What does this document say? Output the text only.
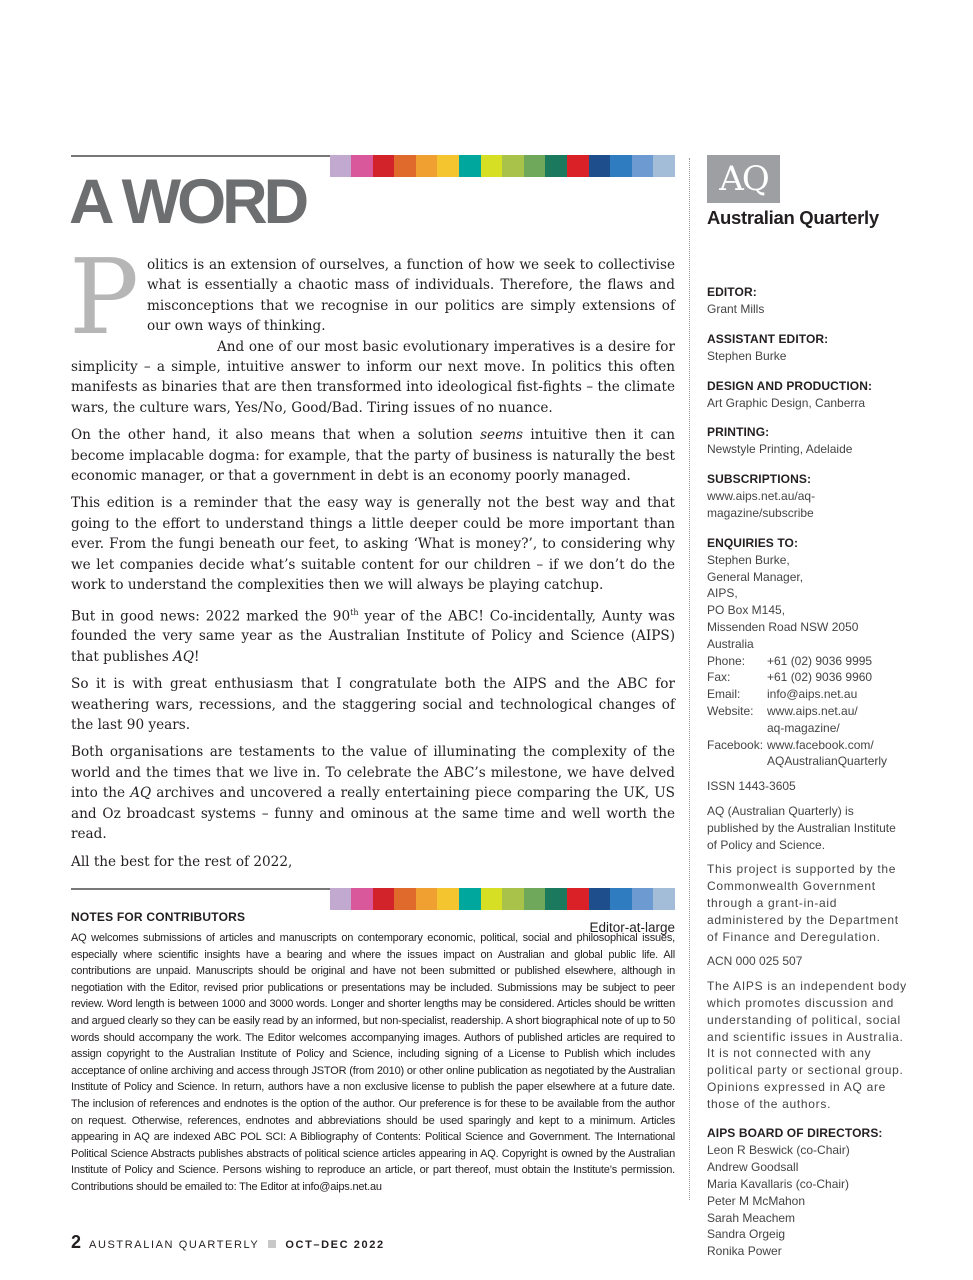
A WORD

Politics is an extension of ourselves, a function of how we seek to collectivise what is essentially a chaotic mass of individuals. Therefore, the flaws and misconceptions that we recognise in our politics are simply extensions of our own ways of thinking.

And one of our most basic evolutionary imperatives is a desire for simplicity – a simple, intuitive answer to inform our next move. In politics this often manifests as binaries that are then transformed into ideological fist-fights – the climate wars, the culture wars, Yes/No, Good/Bad. Tiring issues of no nuance.

On the other hand, it also means that when a solution seems intuitive then it can become implacable dogma: for example, that the party of business is naturally the best economic manager, or that a government in debt is an economy poorly managed.

This edition is a reminder that the easy way is generally not the best way and that going to the effort to understand things a little deeper could be more important than ever. From the fungi beneath our feet, to asking ‘What is money?’, to considering why we let companies decide what’s suitable content for our children – if we don’t do the work to understand the complexities then we will always be playing catchup.

But in good news: 2022 marked the 90th year of the ABC! Co-incidentally, Aunty was founded the very same year as the Australian Institute of Policy and Science (AIPS) that publishes AQ!

So it is with great enthusiasm that I congratulate both the AIPS and the ABC for weathering wars, recessions, and the staggering social and technological changes of the last 90 years.

Both organisations are testaments to the value of illuminating the complexity of the world and the times that we live in. To celebrate the ABC’s milestone, we have delved into the AQ archives and uncovered a really entertaining piece comparing the UK, US and Oz broadcast systems – funny and ominous at the same time and well worth the read.

All the best for the rest of 2022,

Editor-at-large
NOTES FOR CONTRIBUTORS

AQ welcomes submissions of articles and manuscripts on contemporary economic, political, social and philosophical issues, especially where scientific insights have a bearing and where the issues impact on Australian and global public life. All contributions are unpaid. Manuscripts should be original and have not been submitted or published elsewhere, although in negotiation with the Editor, revised prior publications or presentations may be included. Submissions may be subject to peer review. Word length is between 1000 and 3000 words. Longer and shorter lengths may be considered. Articles should be written and argued clearly so they can be easily read by an informed, but non-specialist, readership. A short biographical note of up to 50 words should accompany the work. The Editor welcomes accompanying images. Authors of published articles are required to assign copyright to the Australian Institute of Policy and Science, including signing of a License to Publish which includes acceptance of online archiving and access through JSTOR (from 2010) or other online publication as negotiated by the Australian Institute of Policy and Science. In return, authors have a non exclusive license to publish the paper elsewhere at a future date. The inclusion of references and endnotes is the option of the author. Our preference is for these to be available from the author on request. Otherwise, references, endnotes and abbreviations should be used sparingly and kept to a minimum. Articles appearing in AQ are indexed ABC POL SCI: A Bibliography of Contents: Political Science and Government. The International Political Science Abstracts publishes abstracts of political science articles appearing in AQ. Copyright is owned by the Australian Institute of Policy and Science. Persons wishing to reproduce an article, or part thereof, must obtain the Institute’s permission. Contributions should be emailed to: The Editor at info@aips.net.au

2 AUSTRALIAN QUARTERLY OCT–DEC 2022
AQ
Australian Quarterly
EDITOR:
Grant Mills
ASSISTANT EDITOR:
Stephen Burke
DESIGN AND PRODUCTION:
Art Graphic Design, Canberra
PRINTING:
Newstyle Printing, Adelaide
SUBSCRIPTIONS:
www.aips.net.au/aq-magazine/subscribe
ENQUIRIES TO:
Stephen Burke,
General Manager,
AIPS,
PO Box M145,
Missenden Road NSW 2050 Australia
Phone:	+61 (02) 9036 9995
Fax:	+61 (02) 9036 9960
Email:	info@aips.net.au
Website:	www.aips.net.au/
aq-magazine/
Facebook: www.facebook.com/
AQAustralianQuarterly
ISSN 1443-3605
AQ (Australian Quarterly) is published by the Australian Institute of Policy and Science.
This project is supported by the Commonwealth Government through a grant-in-aid administered by the Department of Finance and Deregulation.
ACN 000 025 507
The AIPS is an independent body which promotes discussion and understanding of political, social and scientific issues in Australia. It is not connected with any political party or sectional group. Opinions expressed in AQ are those of the authors.
AIPS BOARD OF DIRECTORS:
Leon R Beswick (co-Chair)
Andrew Goodsall
Maria Kavallaris (co-Chair)
Peter M McMahon
Sarah Meachem
Sandra Orgeig
Ronika Power
